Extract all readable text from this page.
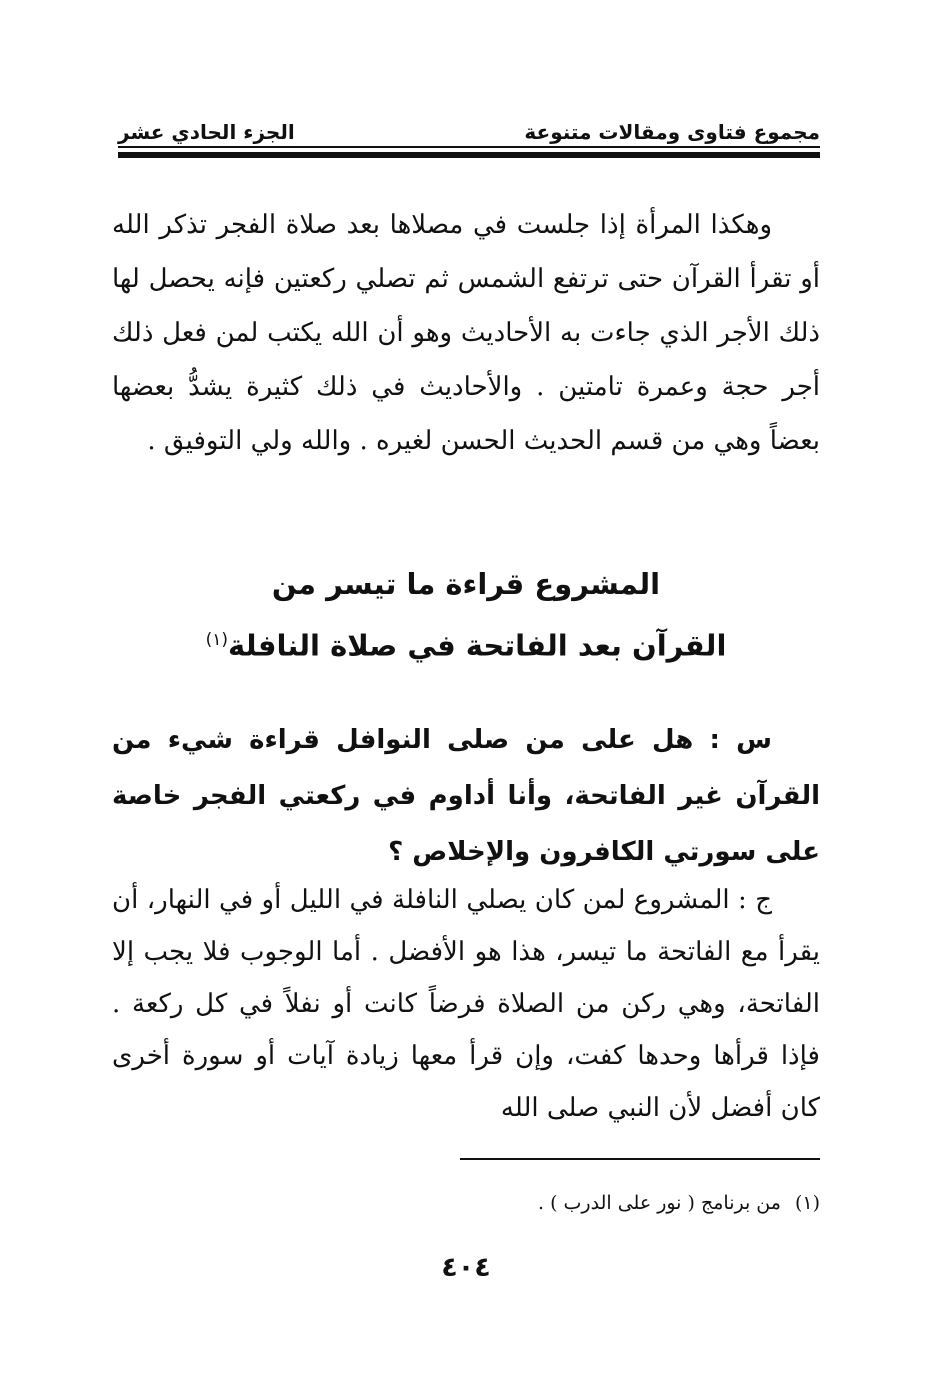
مجموع فتاوى ومقالات متنوعة
الجزء الحادي عشر

وهكذا المرأة إذا جلست في مصلاها بعد صلاة الفجر تذكر الله أو تقرأ القرآن حتى ترتفع الشمس ثم تصلي ركعتين فإنه يحصل لها ذلك الأجر الذي جاءت به الأحاديث وهو أن الله يكتب لمن فعل ذلك أجر حجة وعمرة تامتين . والأحاديث في ذلك كثيرة يشدُّ بعضها بعضاً وهي من قسم الحديث الحسن لغيره . والله ولي التوفيق .

المشروع قراءة ما تيسر من
القرآن بعد الفاتحة في صلاة النافلة$^{(١)}$

س : هل على من صلى النوافل قراءة شيء من القرآن غير الفاتحة، وأنا أداوم في ركعتي الفجر خاصة على سورتي الكافرون والإخلاص ؟

ج : المشروع لمن كان يصلي النافلة في الليل أو في النهار، أن يقرأ مع الفاتحة ما تيسر، هذا هو الأفضل . أما الوجوب فلا يجب إلا الفاتحة، وهي ركن من الصلاة فرضاً كانت أو نفلاً في كل ركعة . فإذا قرأها وحدها كفت، وإن قرأ معها زيادة آيات أو سورة أخرى كان أفضل لأن النبي صلى الله

(١)من برنامج ( نور على الدرب ) .
٤٠٤
